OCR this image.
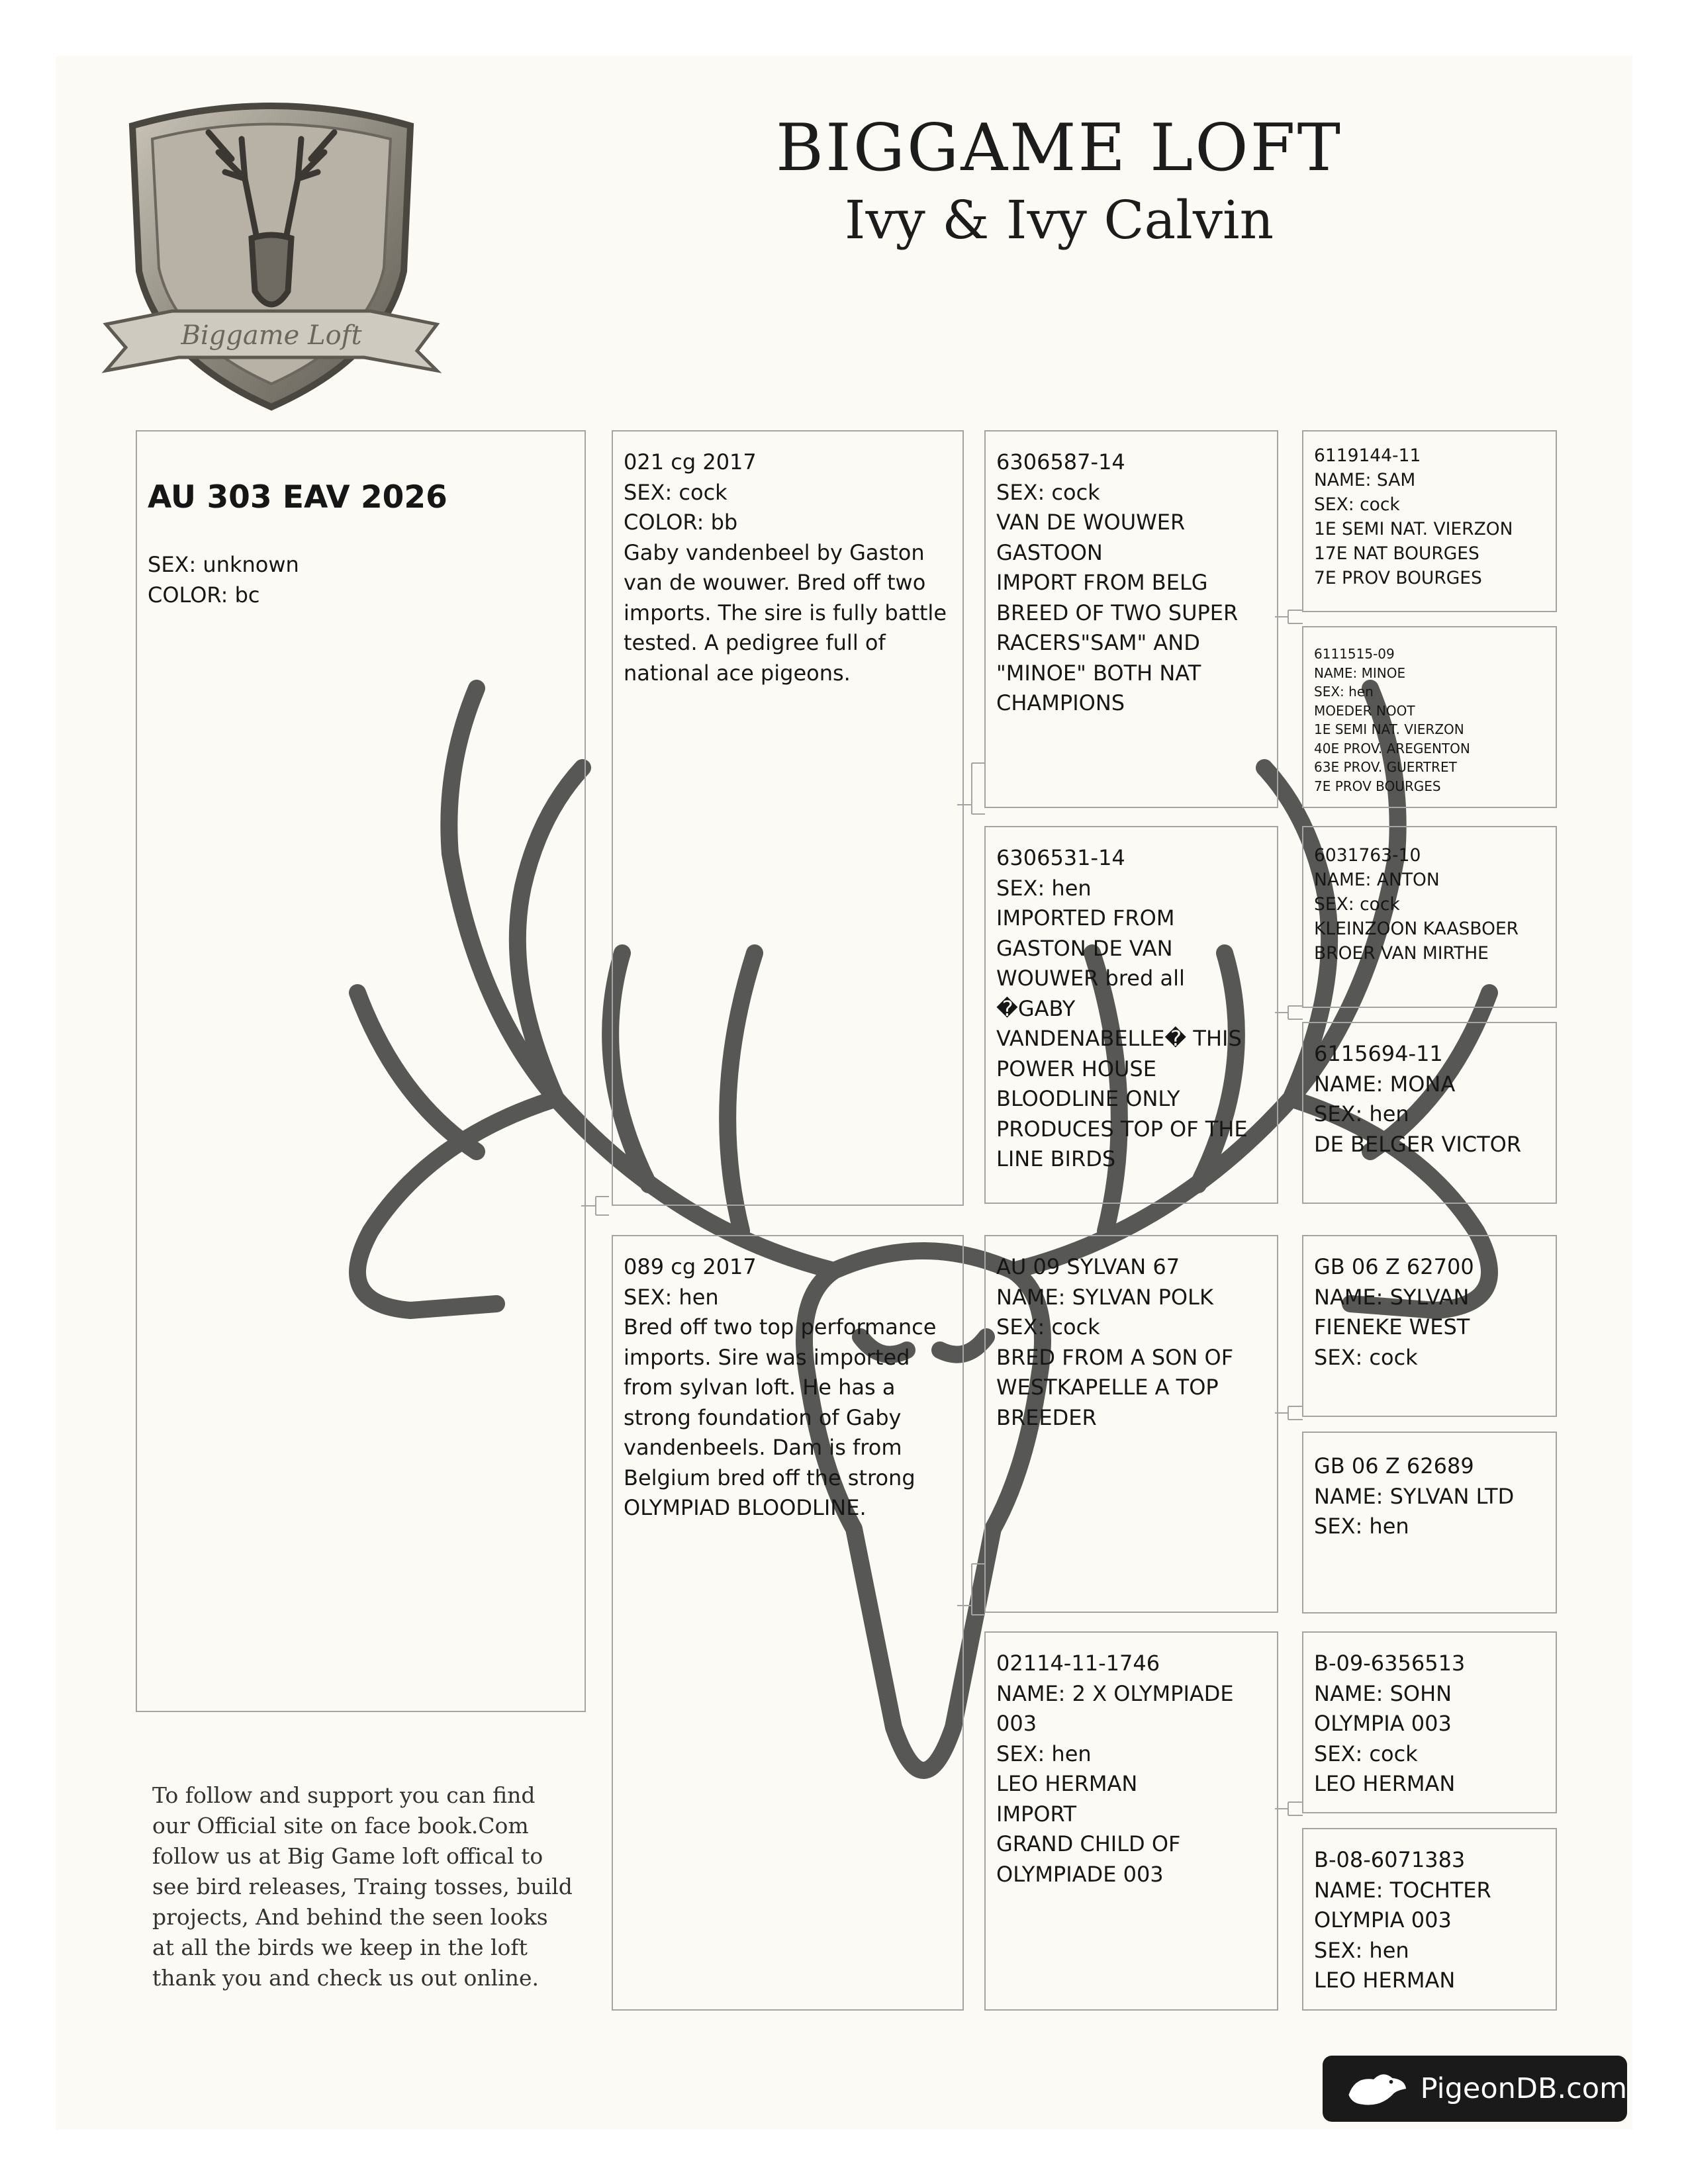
Biggame Loft
BIGGAME LOFT
Ivy & Ivy Calvin

AU 303 EAV 2026

SEX: unknown
COLOR: bc

021 cg 2017
SEX: cock
COLOR: bb
Gaby vandenbeel by Gaston van de wouwer. Bred off two imports. The sire is fully battle tested. A pedigree full of national ace pigeons.
089 cg 2017
SEX: hen
Bred off two top performance imports. Sire was imported from sylvan loft. He has a strong foundation of Gaby vandenbeels. Dam is from Belgium bred off the strong OLYMPIAD BLOODLINE.
6306587-14
SEX: cock
VAN DE WOUWER GASTOON
IMPORT FROM BELG BREED OF TWO SUPER RACERS"SAM" AND "MINOE" BOTH NAT CHAMPIONS
6306531-14
SEX: hen
IMPORTED FROM GASTON DE VAN WOUWER bred all �GABY VANDENABELLE� THIS POWER HOUSE BLOODLINE ONLY PRODUCES TOP OF THE LINE BIRDS
AU 09 SYLVAN 67
NAME: SYLVAN POLK
SEX: cock
BRED FROM A SON OF WESTKAPELLE A TOP BREEDER
02114-11-1746
NAME: 2 X OLYMPIADE 003
SEX: hen
LEO HERMAN
IMPORT
GRAND CHILD OF OLYMPIADE 003
6119144-11
NAME: SAM
SEX: cock
1E SEMI NAT. VIERZON
17E NAT BOURGES
7E PROV BOURGES
6111515-09
NAME: MINOE
SEX: hen
MOEDER NOOT
1E SEMI NAT. VIERZON
40E PROV. AREGENTON
63E PROV. GUERTRET
7E PROV BOURGES
6031763-10
NAME: ANTON
SEX: cock
KLEINZOON KAASBOER
BROER VAN MIRTHE
6115694-11
NAME: MONA
SEX: hen
DE BELGER VICTOR
GB 06 Z 62700
NAME: SYLVAN FIENEKE WEST
SEX: cock
GB 06 Z 62689
NAME: SYLVAN LTD
SEX: hen
B-09-6356513
NAME: SOHN OLYMPIA 003
SEX: cock
LEO HERMAN
B-08-6071383
NAME: TOCHTER OLYMPIA 003
SEX: hen
LEO HERMAN
To follow and support you can find
our Official site on face book.Com
follow us at Big Game loft offical to
see bird releases, Traing tosses, build
projects, And behind the seen looks
at all the birds we keep in the loft
thank you and check us out online.
PigeonDB.com
